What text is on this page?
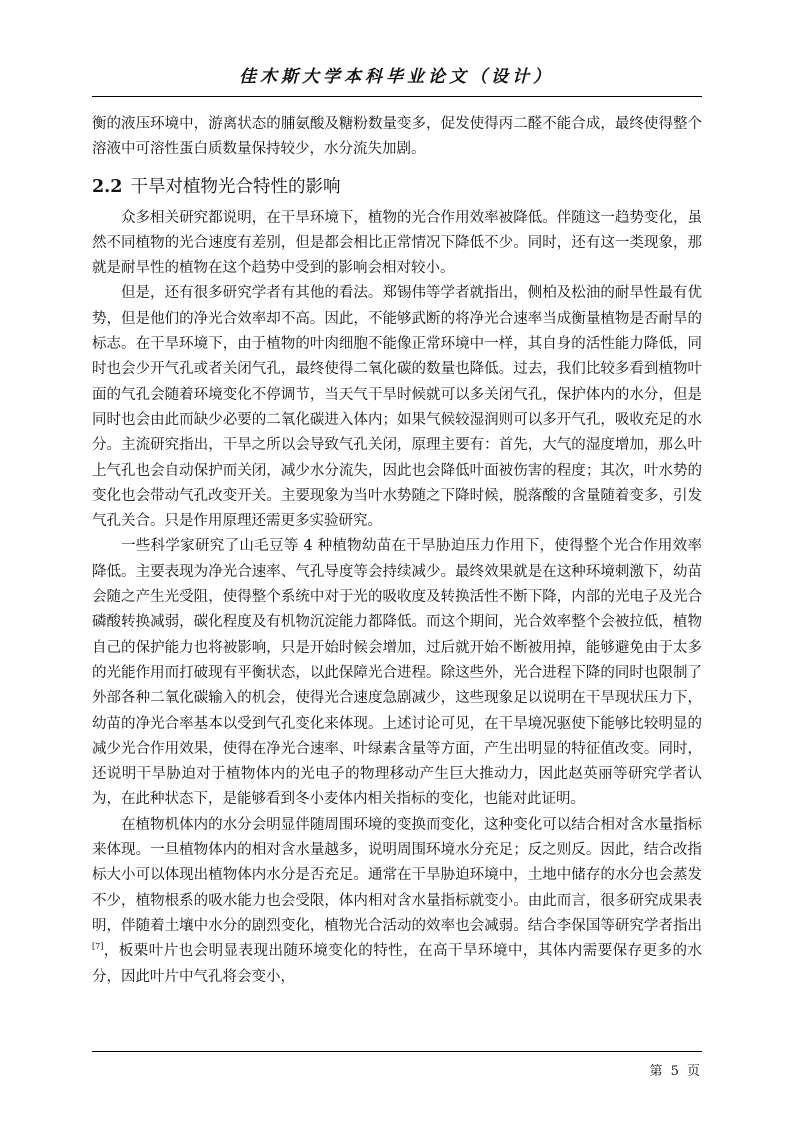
佳木斯大学本科毕业论文（设计）

衡的液压环境中，游离状态的脯氨酸及糖粉数量变多，促发使得丙二醛不能合成，最终使得整个溶液中可溶性蛋白质数量保持较少，水分流失加剧。

2.2 干旱对植物光合特性的影响

众多相关研究都说明，在干旱环境下，植物的光合作用效率被降低。伴随这一趋势变化，虽然不同植物的光合速度有差别，但是都会相比正常情况下降低不少。同时，还有这一类现象，那就是耐旱性的植物在这个趋势中受到的影响会相对较小。

但是，还有很多研究学者有其他的看法。郑锡伟等学者就指出，侧柏及松油的耐旱性最有优势，但是他们的净光合效率却不高。因此，不能够武断的将净光合速率当成衡量植物是否耐旱的标志。在干旱环境下，由于植物的叶肉细胞不能像正常环境中一样，其自身的活性能力降低，同时也会少开气孔或者关闭气孔，最终使得二氧化碳的数量也降低。过去，我们比较多看到植物叶面的气孔会随着环境变化不停调节，当天气干旱时候就可以多关闭气孔，保护体内的水分，但是同时也会由此而缺少必要的二氧化碳进入体内；如果气候较湿润则可以多开气孔，吸收充足的水分。主流研究指出，干旱之所以会导致气孔关闭，原理主要有：首先，大气的湿度增加，那么叶上气孔也会自动保护而关闭，减少水分流失，因此也会降低叶面被伤害的程度；其次，叶水势的变化也会带动气孔改变开关。主要现象为当叶水势随之下降时候，脱落酸的含量随着变多，引发气孔关合。只是作用原理还需更多实验研究。

一些科学家研究了山毛豆等 4 种植物幼苗在干旱胁迫压力作用下，使得整个光合作用效率降低。主要表现为净光合速率、气孔导度等会持续减少。最终效果就是在这种环境刺激下，幼苗会随之产生光受阻，使得整个系统中对于光的吸收度及转换活性不断下降，内部的光电子及光合磷酸转换减弱，碳化程度及有机物沉淀能力都降低。而这个期间，光合效率整个会被拉低，植物自己的保护能力也将被影响，只是开始时候会增加，过后就开始不断被用掉，能够避免由于太多的光能作用而打破现有平衡状态，以此保障光合进程。除这些外，光合进程下降的同时也限制了外部各种二氧化碳输入的机会，使得光合速度急剧减少，这些现象足以说明在干旱现状压力下，幼苗的净光合率基本以受到气孔变化来体现。上述讨论可见，在干旱境况驱使下能够比较明显的减少光合作用效果，使得在净光合速率、叶绿素含量等方面，产生出明显的特征值改变。同时，还说明干旱胁迫对于植物体内的光电子的物理移动产生巨大推动力，因此赵英丽等研究学者认为，在此种状态下，是能够看到冬小麦体内相关指标的变化，也能对此证明。

在植物机体内的水分会明显伴随周围环境的变换而变化，这种变化可以结合相对含水量指标来体现。一旦植物体内的相对含水量越多，说明周围环境水分充足；反之则反。因此，结合改指标大小可以体现出植物体内水分是否充足。通常在干旱胁迫环境中，土地中储存的水分也会蒸发不少，植物根系的吸水能力也会受限，体内相对含水量指标就变小。由此而言，很多研究成果表明，伴随着土壤中水分的剧烈变化，植物光合活动的效率也会减弱。结合李保国等研究学者指出[7]，板栗叶片也会明显表现出随环境变化的特性，在高干旱环境中，其体内需要保存更多的水分，因此叶片中气孔将会变小，

第 5 页
